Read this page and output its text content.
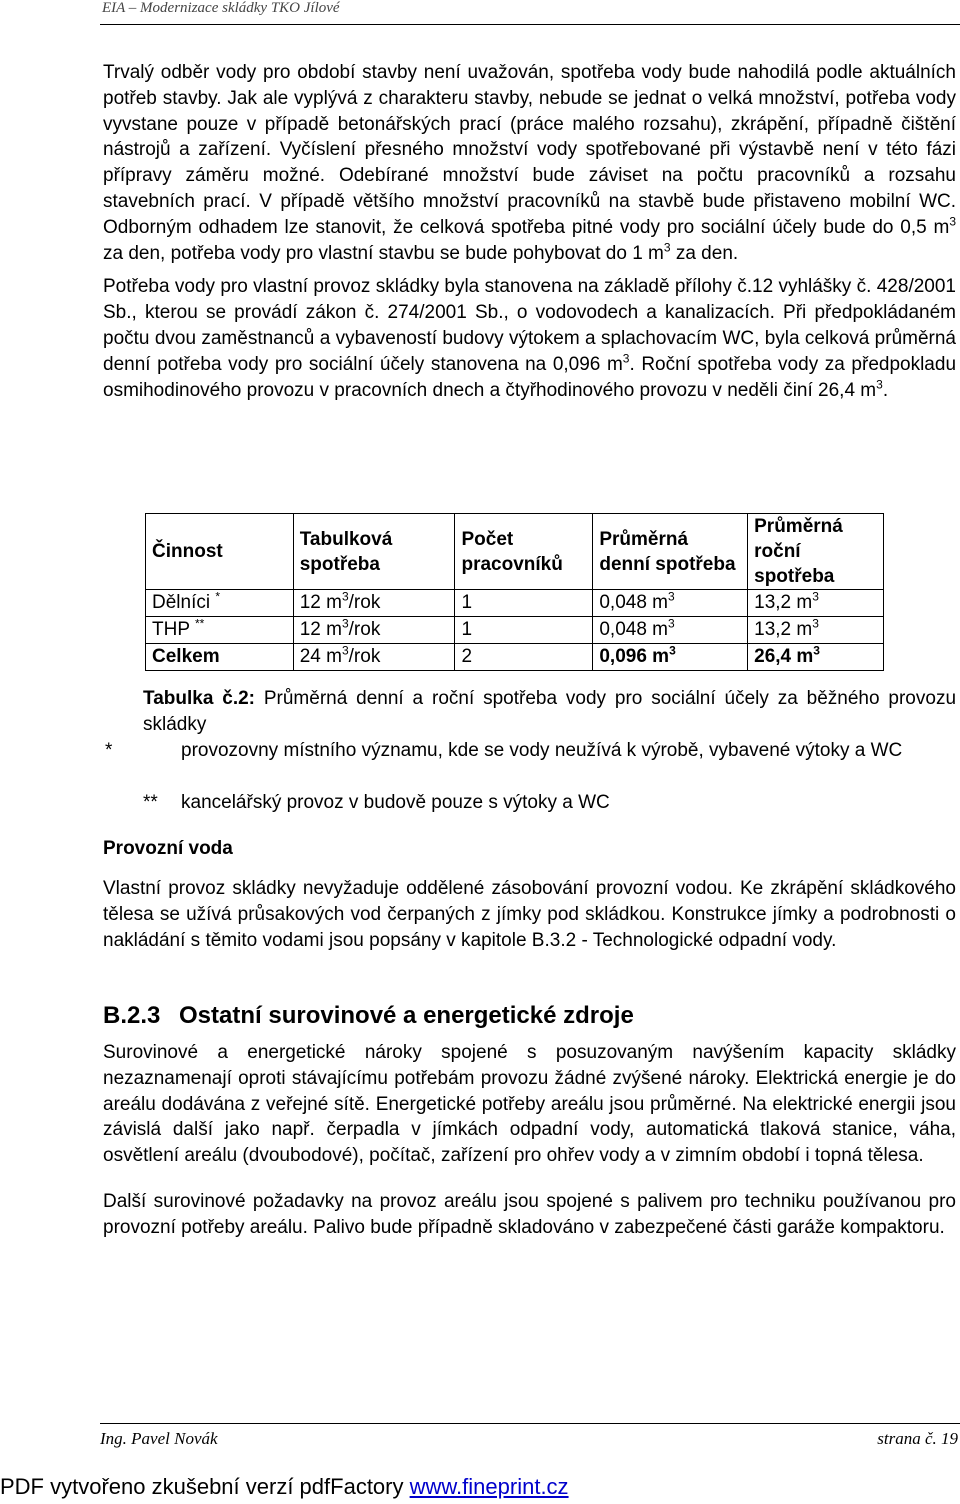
EIA – Modernizace skládky TKO Jílové

Trvalý odběr vody pro období stavby není uvažován, spotřeba vody bude nahodilá podle aktuálních potřeb stavby. Jak ale vyplývá z charakteru stavby, nebude se jednat o velká množství, potřeba vody vyvstane pouze v případě betonářských prací (práce malého rozsahu), zkrápění, případně čištění nástrojů a zařízení. Vyčíslení přesného množství vody spotřebované při výstavbě není v této fázi přípravy záměru možné. Odebírané množství bude záviset na počtu pracovníků a rozsahu stavebních prací. V případě většího množství pracovníků na stavbě bude přistaveno mobilní WC. Odborným odhadem lze stanovit, že celková spotřeba pitné vody pro sociální účely bude do 0,5 $m^3$ za den, potřeba vody pro vlastní stavbu se bude pohybovat do 1 $m^3$ za den.

Potřeba vody pro vlastní provoz skládky byla stanovena na základě přílohy č.12 vyhlášky č. 428/2001 Sb., kterou se provádí zákon č. 274/2001 Sb., o vodovodech a kanalizacích. Při předpokládaném počtu dvou zaměstnanců a vybaveností budovy výtokem a splachovacím WC, byla celková průměrná denní potřeba vody pro sociální účely stanovena na 0,096 $m^3$. Roční spotřeba vody za předpokladu osmihodinového provozu v pracovních dnech a čtyřhodinového provozu v neděli činí 26,4 $m^3$.

Činnost	Tabulková spotřeba	Počet pracovníků	Průměrná denní spotřeba	Průměrná roční spotřeba
Dělníci *	12 $m^3$/rok	1	0,048 $m^3$	13,2 $m^3$
THP **	12 $m^3$/rok	1	0,048 $m^3$	13,2 $m^3$
Celkem	24 $m^3$/rok	2	0,096 $m^3$	26,4 $m^3$
Tabulka č.2: Průměrná denní a roční spotřeba vody pro sociální účely za běžného provozu skládky
*	provozovny místního významu, kde se vody neužívá k výrobě, vybavené výtoky a WC
** kancelářský provoz v budově pouze s výtoky a WC
Provozní voda

Vlastní provoz skládky nevyžaduje oddělené zásobování provozní vodou. Ke zkrápění skládkového tělesa se užívá průsakových vod čerpaných z jímky pod skládkou. Konstrukce jímky a podrobnosti o nakládání s těmito vodami jsou popsány v kapitole B.3.2 - Technologické odpadní vody.

B.2.3 Ostatní surovinové a energetické zdroje

Surovinové a energetické nároky spojené s posuzovaným navýšením kapacity skládky nezaznamenají oproti stávajícímu potřebám provozu žádné zvýšené nároky. Elektrická energie je do areálu dodávána z veřejné sítě. Energetické potřeby areálu jsou průměrné. Na elektrické energii jsou závislá další jako např. čerpadla v jímkách odpadní vody, automatická tlaková stanice, váha, osvětlení areálu (dvoubodové), počítač, zařízení pro ohřev vody a v zimním období i topná tělesa.

Další surovinové požadavky na provoz areálu jsou spojené s palivem pro techniku používanou pro provozní potřeby areálu. Palivo bude případně skladováno v zabezpečené části garáže kompaktoru.

Ing. Pavel Novák	strana č. 19
PDF vytvořeno zkušební verzí pdfFactory www.fineprint.cz
